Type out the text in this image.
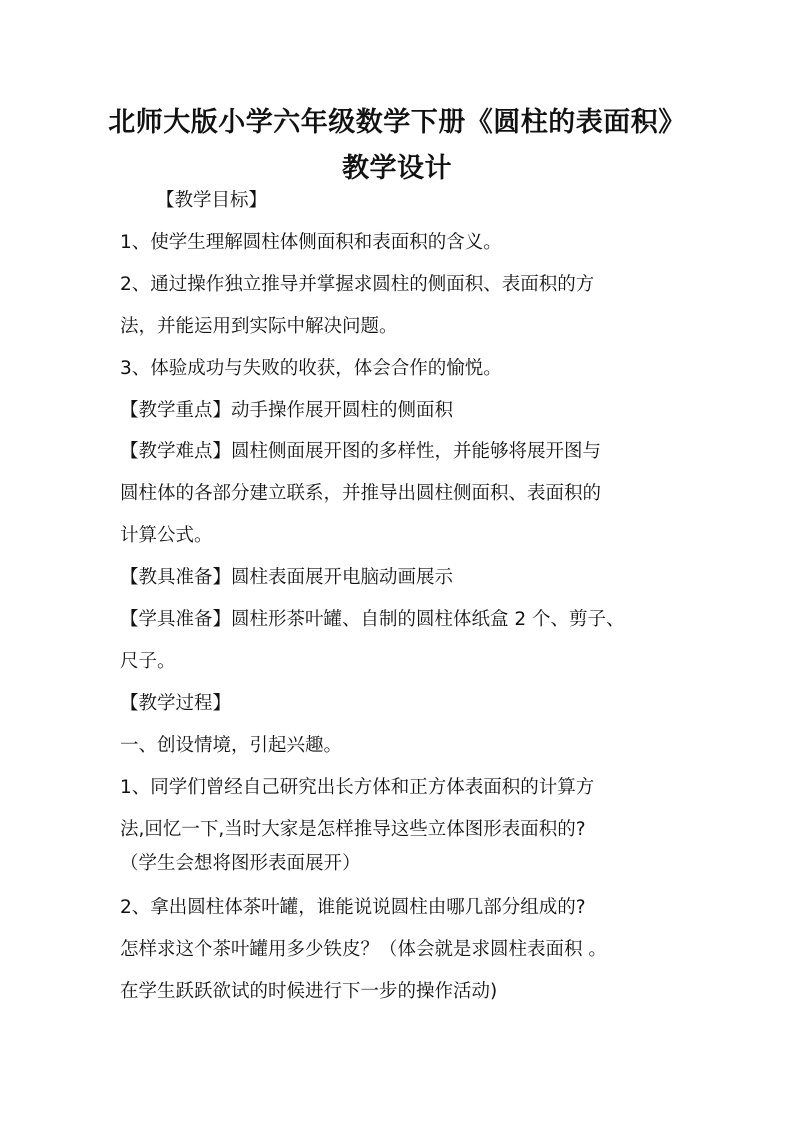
北师大版小学六年级数学下册《圆柱的表面积》
教学设计
【教学目标】
1、使学生理解圆柱体侧面积和表面积的含义。
2、通过操作独立推导并掌握求圆柱的侧面积、表面积的方
法，并能运用到实际中解决问题。
3、体验成功与失败的收获，体会合作的愉悦。
【教学重点】动手操作展开圆柱的侧面积
【教学难点】圆柱侧面展开图的多样性，并能够将展开图与
圆柱体的各部分建立联系，并推导出圆柱侧面积、表面积的
计算公式。
【教具准备】圆柱表面展开电脑动画展示
【学具准备】圆柱形茶叶罐、自制的圆柱体纸盒 2 个、剪子、
尺子。
【教学过程】
一、创设情境，引起兴趣。
1、同学们曾经自己研究出长方体和正方体表面积的计算方
法,回忆一下,当时大家是怎样推导这些立体图形表面积的?
（学生会想将图形表面展开）
2、拿出圆柱体茶叶罐，谁能说说圆柱由哪几部分组成的?
怎样求这个茶叶罐用多少铁皮？（体会就是求圆柱表面积 。
在学生跃跃欲试的时候进行下一步的操作活动)
